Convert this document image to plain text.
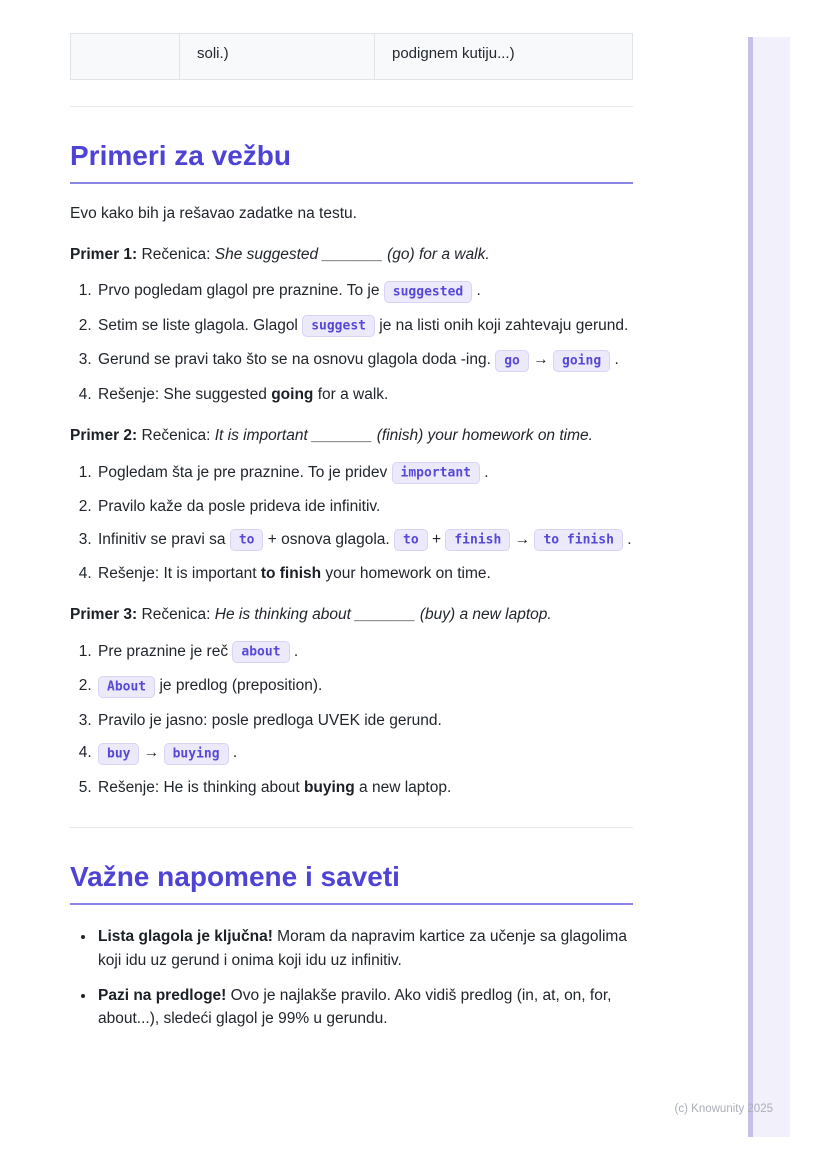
soli.)	podignem kutiju...)
Primeri za vežbu

Evo kako bih ja rešavao zadatke na testu.

Primer 1: Rečenica: She suggested _______ (go) for a walk.

1. Prvo pogledam glagol pre praznine. To je suggested .
2. Setim se liste glagola. Glagol suggest je na listi onih koji zahtevaju gerund.
3. Gerund se pravi tako što se na osnovu glagola doda -ing. go → going .
4. Rešenje: She suggested going for a walk.

Primer 2: Rečenica: It is important _______ (finish) your homework on time.

1. Pogledam šta je pre praznine. To je pridev important .
2. Pravilo kaže da posle prideva ide infinitiv.
3. Infinitiv se pravi sa to + osnova glagola. to + finish → to finish .
4. Rešenje: It is important to finish your homework on time.

Primer 3: Rečenica: He is thinking about _______ (buy) a new laptop.

1. Pre praznine je reč about .
2. About je predlog (preposition).
3. Pravilo je jasno: posle predloga UVEK ide gerund.
4. buy → buying .
5. Rešenje: He is thinking about buying a new laptop.
Važne napomene i saveti
• Lista glagola je ključna! Moram da napravim kartice za učenje sa glagolima koji idu uz gerund i onima koji idu uz infinitiv.
• Pazi na predloge! Ovo je najlakše pravilo. Ako vidiš predlog (in, at, on, for, about...), sledeći glagol je 99% u gerundu.
(c) Knowunity 2025
